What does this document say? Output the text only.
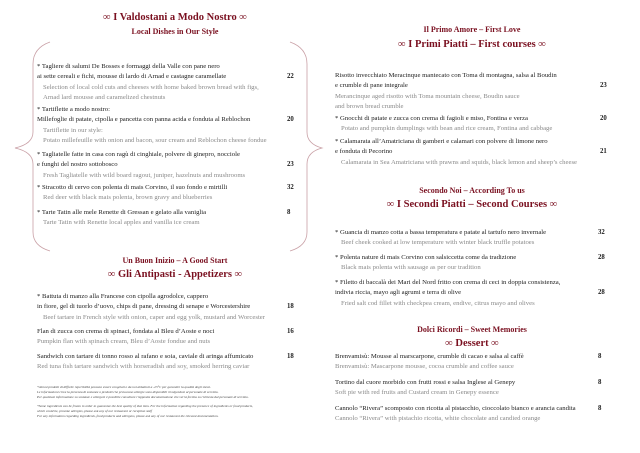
∞ I Valdostani a Modo Nostro ∞
Local Dishes in Our Style
* Tagliere di salumi De Bosses e formaggi della Valle con pane nero
ai sette cereali e fichi, mousse di lardo di Arnad e castagne caramellate
Selection of local cold cuts and cheeses with home baked brown bread with figs,
Arnad lard mousse and caramelized chestnuts
22
* Tartiflette a modo nostro:
Millefoglie di patate, cipolla e pancetta con panna acida e fonduta al Reblochon
Tartiflette in our style:
Potato millefeuille with onion and bacon, sour cream and Reblochon cheese fondue
20
* Tagliatelle fatte in casa con ragù di cinghiale, polvere di ginepro, nocciole
e funghi del nostro sottobosco
Fresh Tagliatelle with wild board ragout, juniper, hazelnuts and mushrooms
23
* Stracotto di cervo con polenta di mais Corvino, il suo fondo e mirtilli
Red deer with black mais polenta, brown gravy and blueberries
32
* Tarte Tatin alle mele Renette di Gressan e gelato alla vaniglia
Tarte Tatin with Renette local apples and vanilla ice cream
8
∞ Gli Antipasti - Appetizers ∞
Un Buon Inizio – A Good Start
* Battuta di manzo alla Francese con cipolla agrodolce, cappero
in fiore, gel di tuorlo d’uovo, chips di pane, dressing di senape e Worcestershire
Beef tartare in French style with onion, caper and egg yolk, mustard and Worcester
18
Flan di zucca con crema di spinaci, fondata al Bleu d’Aoste e noci
Pumpkin flan with spinach cream, Bleu d’Aoste fondue and nuts
16
Sandwich con tartare di tonno rosso al rafano e soia, caviale di aringa affumicato
Red tuna fish tartare sandwich with horseradish and soy, smoked herring caviar
18
∞ I Primi Piatti – First courses ∞
Il Primo Amore – First Love
Risotto invecchiato Meracinque mantecato con Toma di montagna, salsa al Boudin
e crumble di pane integrale
Merancinque aged risotto with Toma mountain cheese, Boudin sauce
and brown bread crumble
23
* Gnocchi di patate e zucca con crema di fagioli e miso, Fontina e verza
Potato and pumpkin dumplings with bean and rice cream, Fontina and cabbage
20
* Calamarata all’Amatriciana di gamberi e calamari con polvere di limone nero
e fonduta di Pecorino
Calamarata in Sea Amatriciana with prawns and squids, black lemon and sheep’s cheese
21
∞ I Secondi Piatti – Second Courses ∞
Secondo Noi – According To us
* Guancia di manzo cotta a bassa temperatura e patate al tartufo nero invernale
Beef cheek cooked at low temperature with winter black truffle potatoes
32
* Polenta nature di mais Corvino con salsiccetta come da tradizione
Black mais polenta with sausage as per our tradition
28
* Filetto di baccalà dei Mari del Nord fritto con crema di ceci in doppia consistenza,
indivia riccia, mayo agli agrumi e terra di olive
Fried salt cod fillet with checkpea cream, endive, citrus mayo and olives
28
∞ Dessert ∞
Dolci Ricordi – Sweet Memories
Brenvamisù: Mousse al marscarpone, crumble di cacao e salsa al caffè
Brenvamisù: Mascarpone mousse, cocoa crumble and coffee sauce
8
Tortino dal cuore morbido con frutti rossi e salsa Inglese al Genepy
Soft pie with red fruits and Custard cream in Genepy essence
8
Cannolo “Rivera” scomposto con ricotta al pistacchio, cioccolato bianco e arancia candita
Cannolo “Rivera” with pistachio ricotta, white chocolate and candied orange
8
*Alcuni prodotti di difficile reperibilità possono essere congelati o da noi abbattuti a -25°C per garantire la qualità degli stessi.
Le informazioni circa la presenza di sostanze o prodotti che provocano allergie sono disponibili rivolgendosi al personale di servizio.
Per qualsiasi informazione su sostanze e allergeni è possibile consultare l’apposita documentazione che verrà fornita su richiesta dal personale di servizio.
*Some ingredients can be frozen in order to guarantee the best quality of that item. For the information regarding the presence of ingredients or food products,
which could be, provoke allergies, please ask any of our restaurant or reception staff
For any information regarding ingredients, food products and allergens, please ask any of our restaurant the relevant documentation.
